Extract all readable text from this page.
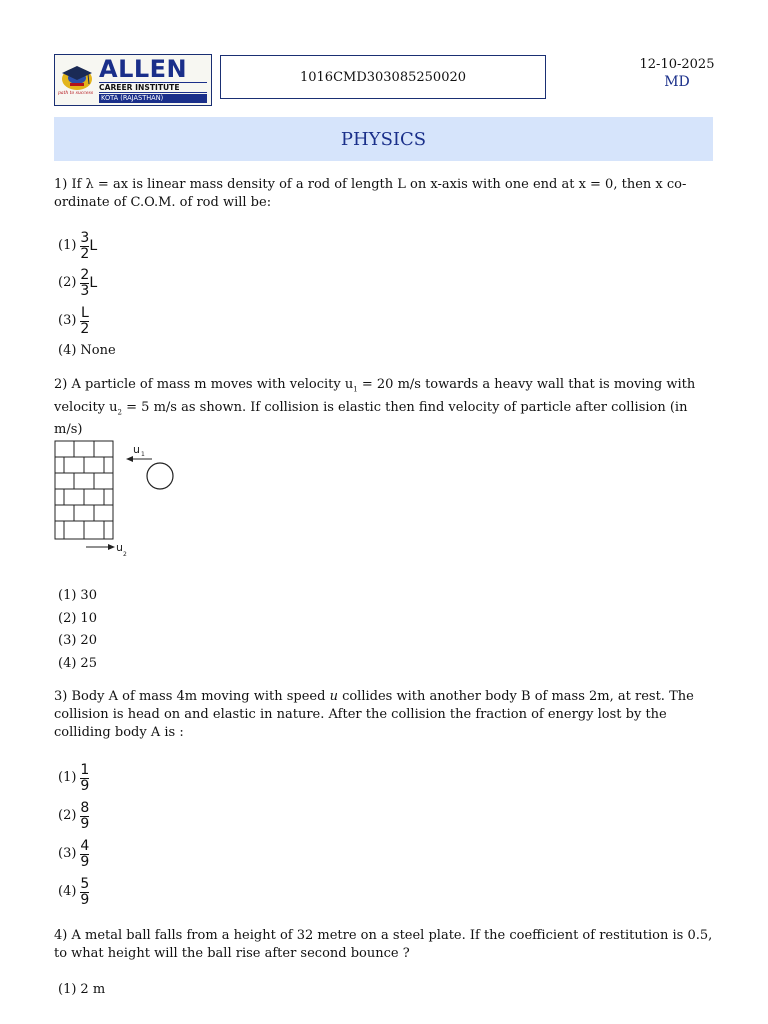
path to success
ALLEN
CAREER INSTITUTE
KOTA (RAJASTHAN)
1016CMD303085250020
12-10-2025
MD
PHYSICS

1) If λ = ax is linear mass density of a rod of length L on x-axis with one end at x = 0, then x co-ordinate of C.O.M. of rod will be:

$(1) \frac{3}{2}$ L
$(2) \frac{2}{3}$ L
$(3) \frac{L}{2}$
(4) None

2) A particle of mass m moves with velocity $u_1 = 20$ m/s towards a heavy wall that is moving with velocity $u_2 = 5$ m/s as shown. If collision is elastic then find velocity of particle after collision (in m/s)

u 1
u
2
(1) 30
(2) 10
(3) 20
(4) 25

3) Body A of mass 4m moving with speed u collides with another body B of mass 2m, at rest. The collision is head on and elastic in nature. After the collision the fraction of energy lost by the colliding body A is :

$(1) \frac{1}{9}$
$(2) \frac{8}{9}$
$(3) \frac{4}{9}$
$(4) \frac{5}{9}$

4) A metal ball falls from a height of 32 metre on a steel plate. If the coefficient of restitution is 0.5, to what height will the ball rise after second bounce ?

(1) 2 m
